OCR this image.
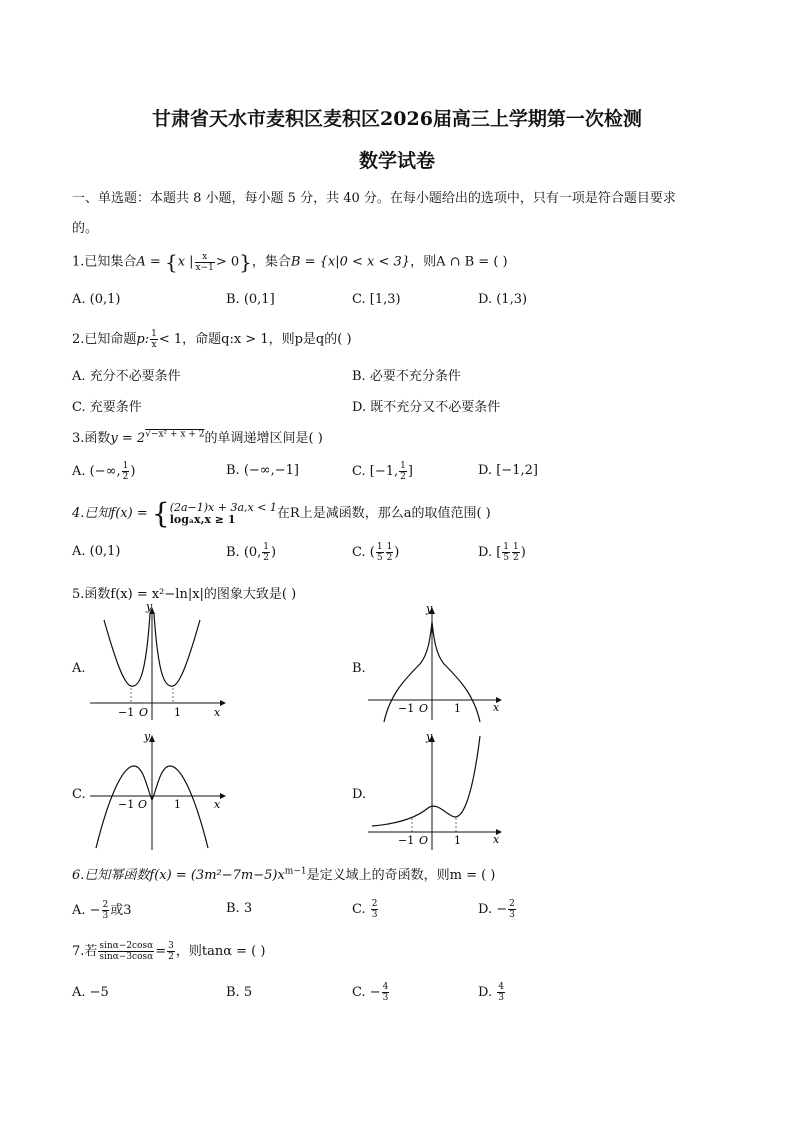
甘肃省天水市麦积区麦积区2026届高三上学期第一次检测
数学试卷
一、单选题：本题共 8 小题，每小题 5 分，共 40 分。在每小题给出的选项中，只有一项是符合题目要求
的。
1.已知集合A = {x | $\frac{x}{x-1} > 0$}，集合B = {x|0 < x < 3}，则A ∩ B = ( )
A. (0,1)	B. (0,1]	C. [1,3)	D. (1,3)
2.已知命题p: $\frac{1}{x} < 1$，命题q:x > 1，则p是q的( )
A. 充分不必要条件	B. 必要不充分条件
C. 充要条件	D. 既不充分又不必要条件
3.函数$y = 2^{√-x^2 + x + 2}$的单调递增区间是( )
A. (−∞, $\frac{1}{2}$ )	B. (−∞,−1]	C. [−1, $\frac{1}{2}$ ]	D. [−1,2]
4.已知f(x) = { (2a−1)x + 3a,x < 1
logₐx,x ≥ 1	在R上是减函数，那么a的取值范围( )
A. (0,1)	B. (0, $\frac{1}{2}$ )	C. ( $\frac{1}{5} \frac{1}{2}$ )	D. [ $\frac{1}{5} \frac{1}{2}$ )
5.函数f(x) = x²−ln|x|的图象大致是( )
A.	B.
C.	D.
y
x
O
−1	1
y
x
O
−1	1
y
x
O
−1	1
y
x
O
−1	1
6.已知幂函数$f(x) = (3m^2-7m-5)x^{m-1}$是定义域上的奇函数，则m = ( )
A. − $\frac{2}{3}$ 或3	B. 3	C. $\frac{2}{3}$	D. − $\frac{2}{3}$
7.若 $\frac{\sin\alpha-2\cos\alpha}{\sin\alpha-3\cos\alpha} = \frac{3}{2}$ ，则tanα = ( )
A. −5	B. 5	C. − $\frac{4}{3}$	D. $\frac{4}{3}$
